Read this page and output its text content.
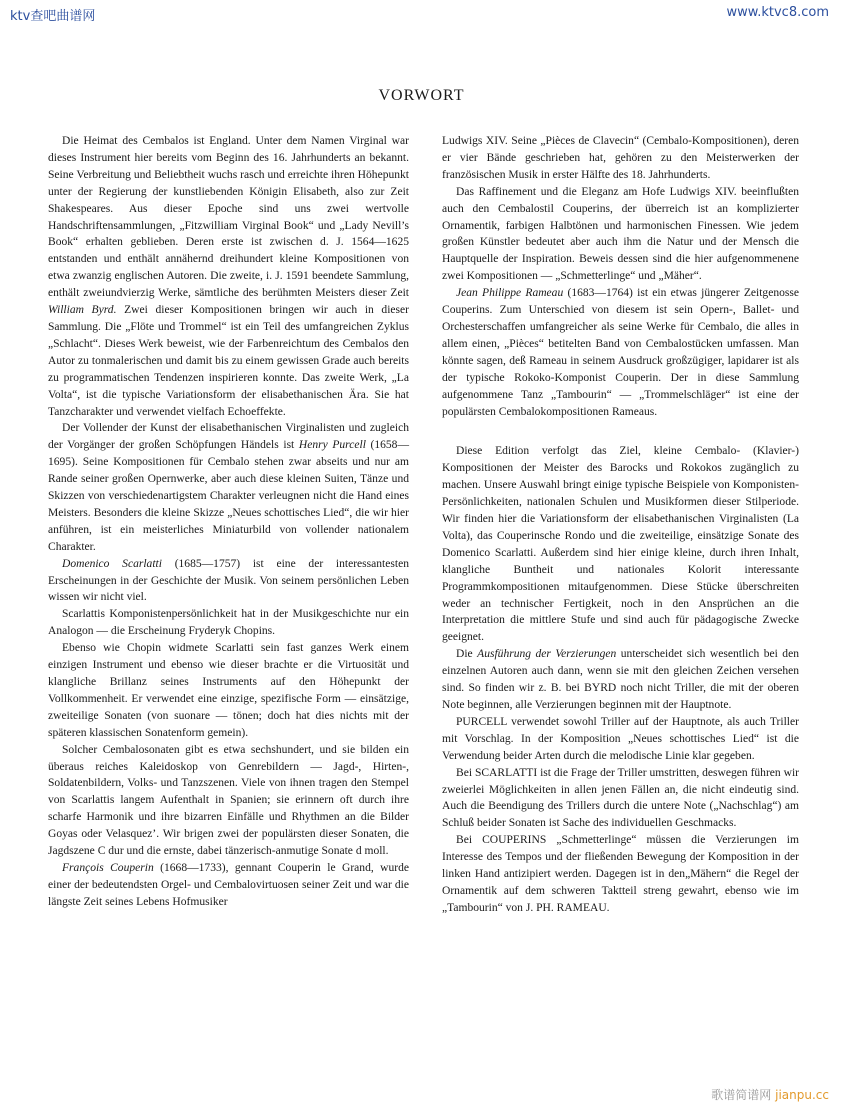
ktv查吧曲谱网	www.ktvc8.com
VORWORT

Die Heimat des Cembalos ist England. Unter dem Namen Virginal war dieses Instrument hier bereits vom Beginn des 16. Jahrhunderts an bekannt. Seine Verbreitung und Beliebtheit wuchs rasch und erreichte ihren Höhepunkt unter der Regierung der kunstliebenden Königin Elisabeth, also zur Zeit Shakespeares. Aus dieser Epoche sind uns zwei wertvolle Handschriftensammlungen, „Fitzwilliam Virginal Book“ und „Lady Nevill’s Book“ erhalten geblieben. Deren erste ist zwischen d. J. 1564—1625 entstanden und enthält annähernd dreihundert kleine Kompositionen von etwa zwanzig englischen Autoren. Die zweite, i. J. 1591 beendete Sammlung, enthält zweiundvierzig Werke, sämtliche des berühmten Meisters dieser Zeit William Byrd. Zwei dieser Kompositionen bringen wir auch in dieser Sammlung. Die „Flöte und Trommel“ ist ein Teil des umfangreichen Zyklus „Schlacht“. Dieses Werk beweist, wie der Farbenreichtum des Cembalos den Autor zu tonmalerischen und damit bis zu einem gewissen Grade auch bereits zu programmatischen Tendenzen inspirieren konnte. Das zweite Werk, „La Volta“, ist die typische Variationsform der elisabethanischen Ära. Sie hat Tanzcharakter und verwendet vielfach Echoeffekte.

Der Vollender der Kunst der elisabethanischen Virginalisten und zugleich der Vorgänger der großen Schöpfungen Händels ist Henry Purcell (1658—1695). Seine Kompositionen für Cembalo stehen zwar abseits und nur am Rande seiner großen Opernwerke, aber auch diese kleinen Suiten, Tänze und Skizzen von verschiedenartigstem Charakter verleugnen nicht die Hand eines Meisters. Besonders die kleine Skizze „Neues schottisches Lied“, die wir hier anführen, ist ein meisterliches Miniaturbild von vollender nationalem Charakter.

Domenico Scarlatti (1685—1757) ist eine der interessantesten Erscheinungen in der Geschichte der Musik. Von seinem persönlichen Leben wissen wir nicht viel.

Scarlattis Komponistenpersönlichkeit hat in der Musikgeschichte nur ein Analogon — die Erscheinung Fryderyk Chopins.

Ebenso wie Chopin widmete Scarlatti sein fast ganzes Werk einem einzigen Instrument und ebenso wie dieser brachte er die Virtuosität und klangliche Brillanz seines Instruments auf den Höhepunkt der Vollkommenheit. Er verwendet eine einzige, spezifische Form — einsätzige, zweiteilige Sonaten (von suonare — tönen; doch hat dies nichts mit der späteren klassischen Sonatenform gemein).

Solcher Cembalosonaten gibt es etwa sechshundert, und sie bilden ein überaus reiches Kaleidoskop von Genrebildern — Jagd-, Hirten-, Soldatenbildern, Volks- und Tanzszenen. Viele von ihnen tragen den Stempel von Scarlattis langem Aufenthalt in Spanien; sie erinnern oft durch ihre scharfe Harmonik und ihre bizarren Einfälle und Rhythmen an die Bilder Goyas oder Velasquez’. Wir brigen zwei der populärsten dieser Sonaten, die Jagdszene C dur und die ernste, dabei tänzerisch-anmutige Sonate d moll.

François Couperin (1668—1733), gennant Couperin le Grand, wurde einer der bedeutendsten Orgel- und Cembalovirtuosen seiner Zeit und war die längste Zeit seines Lebens Hofmusiker

Ludwigs XIV. Seine „Pièces de Clavecin“ (Cembalo-Kompositionen), deren er vier Bände geschrieben hat, gehören zu den Meisterwerken der französischen Musik in erster Hälfte des 18. Jahrhunderts.

Das Raffinement und die Eleganz am Hofe Ludwigs XIV. beeinflußten auch den Cembalostil Couperins, der überreich ist an komplizierter Ornamentik, farbigen Halbtönen und harmonischen Finessen. Wie jedem großen Künstler bedeutet aber auch ihm die Natur und der Mensch die Hauptquelle der Inspiration. Beweis dessen sind die hier aufgenommenene zwei Kompositionen — „Schmetterlinge“ und „Mäher“.

Jean Philippe Rameau (1683—1764) ist ein etwas jüngerer Zeitgenosse Couperins. Zum Unterschied von diesem ist sein Opern-, Ballet- und Orchesterschaffen umfangreicher als seine Werke für Cembalo, die alles in allem einen, „Pièces“ betitelten Band von Cembalostücken umfassen. Man könnte sagen, deß Rameau in seinem Ausdruck großzügiger, lapidarer ist als der typische Rokoko-Komponist Couperin. Der in diese Sammlung aufgenommene Tanz „Tambourin“ — „Trommelschläger“ ist eine der populärsten Cembalokompositionen Rameaus.

Diese Edition verfolgt das Ziel, kleine Cembalo- (Klavier-) Kompositionen der Meister des Barocks und Rokokos zugänglich zu machen. Unsere Auswahl bringt einige typische Beispiele von Komponisten-Persönlichkeiten, nationalen Schulen und Musikformen dieser Stilperiode. Wir finden hier die Variationsform der elisabethanischen Virginalisten (La Volta), das Couperinsche Rondo und die zweiteilige, einsätzige Sonate des Domenico Scarlatti. Außerdem sind hier einige kleine, durch ihren Inhalt, klangliche Buntheit und nationales Kolorit interessante Programmkompositionen mitaufgenommen. Diese Stücke überschreiten weder an technischer Fertigkeit, noch in den Ansprüchen an die Interpretation die mittlere Stufe und sind auch für pädagogische Zwecke geeignet.

Die Ausführung der Verzierungen unterscheidet sich wesentlich bei den einzelnen Autoren auch dann, wenn sie mit den gleichen Zeichen versehen sind. So finden wir z. B. bei BYRD noch nicht Triller, die mit der oberen Note beginnen, alle Verzierungen beginnen mit der Hauptnote.

PURCELL verwendet sowohl Triller auf der Hauptnote, als auch Triller mit Vorschlag. In der Komposition „Neues schottisches Lied“ ist die Verwendung beider Arten durch die melodische Linie klar gegeben.

Bei SCARLATTI ist die Frage der Triller umstritten, deswegen führen wir zweierlei Möglichkeiten in allen jenen Fällen an, die nicht eindeutig sind. Auch die Beendigung des Trillers durch die untere Note („Nachschlag“) am Schluß beider Sonaten ist Sache des individuellen Geschmacks.

Bei COUPERINS „Schmetterlinge“ müssen die Verzierungen im Interesse des Tempos und der fließenden Bewegung der Komposition in der linken Hand antizipiert werden. Dagegen ist in den„Mähern“ die Regel der Ornamentik auf dem schweren Taktteil streng gewahrt, ebenso wie im „Tambourin“ von J. PH. RAMEAU.

歌谱简谱网 jianpu.cc
